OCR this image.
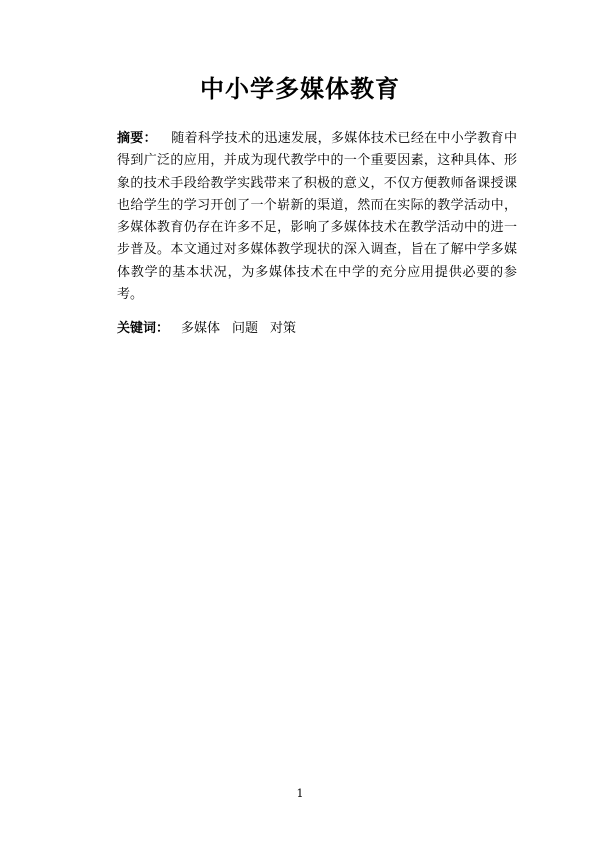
中小学多媒体教育
摘要： 随着科学技术的迅速发展，多媒体技术已经在中小学教育中得到广泛的应用，并成为现代教学中的一个重要因素，这种具体、形象的技术手段给教学实践带来了积极的意义，不仅方便教师备课授课也给学生的学习开创了一个崭新的渠道，然而在实际的教学活动中，多媒体教育仍存在许多不足，影响了多媒体技术在教学活动中的进一步普及。本文通过对多媒体教学现状的深入调查，旨在了解中学多媒体教学的基本状况，为多媒体技术在中学的充分应用提供必要的参考。
关键词： 多媒体 问题 对策
1
